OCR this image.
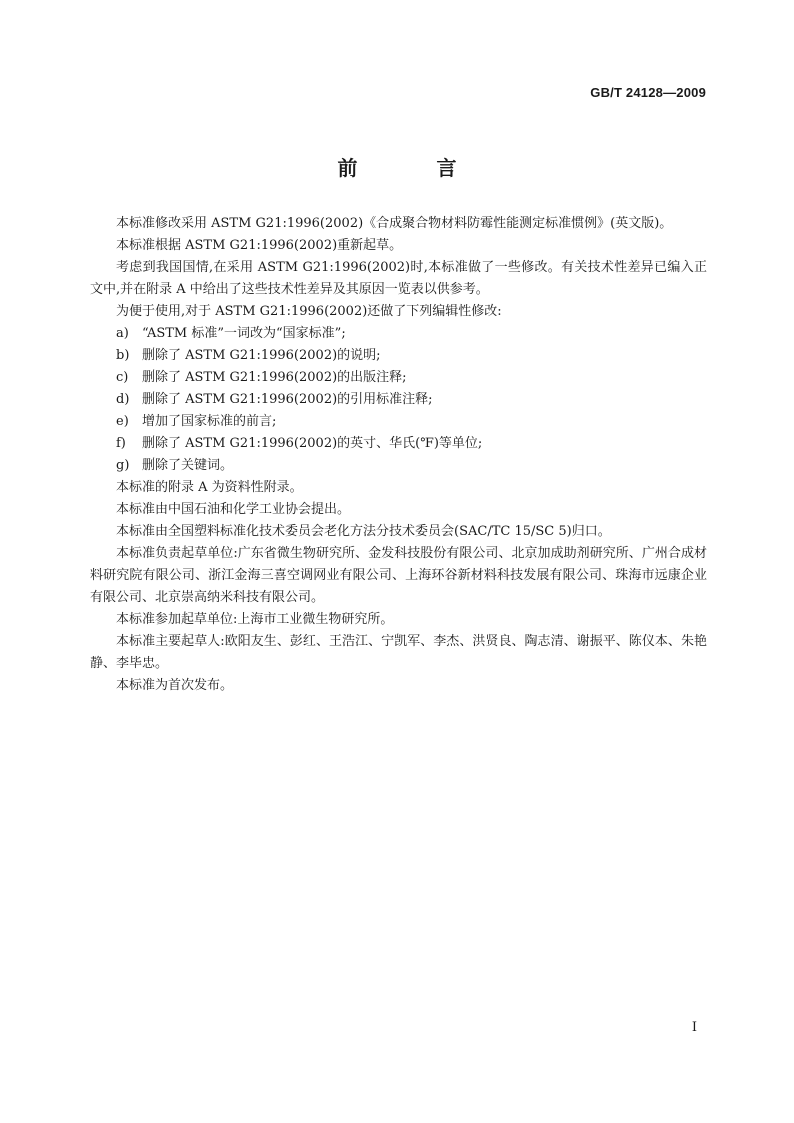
GB/T 24128—2009
前 言

本标准修改采用 ASTM G21:1996(2002)《合成聚合物材料防霉性能测定标准惯例》(英文版)。

本标准根据 ASTM G21:1996(2002)重新起草。

考虑到我国国情,在采用 ASTM G21:1996(2002)时,本标准做了一些修改。有关技术性差异已编入正文中,并在附录 A 中给出了这些技术性差异及其原因一览表以供参考。

为便于使用,对于 ASTM G21:1996(2002)还做了下列编辑性修改:

a) “ASTM 标准”一词改为“国家标准”;
b) 删除了 ASTM G21:1996(2002)的说明;
c) 删除了 ASTM G21:1996(2002)的出版注释;
d) 删除了 ASTM G21:1996(2002)的引用标准注释;
e) 增加了国家标准的前言;
f) 删除了 ASTM G21:1996(2002)的英寸、华氏(℉)等单位;
g) 删除了关键词。

本标准的附录 A 为资料性附录。

本标准由中国石油和化学工业协会提出。

本标准由全国塑料标准化技术委员会老化方法分技术委员会(SAC/TC 15/SC 5)归口。

本标准负责起草单位:广东省微生物研究所、金发科技股份有限公司、北京加成助剂研究所、广州合成材料研究院有限公司、浙江金海三喜空调网业有限公司、上海环谷新材料科技发展有限公司、珠海市远康企业有限公司、北京崇高纳米科技有限公司。

本标准参加起草单位:上海市工业微生物研究所。

本标准主要起草人:欧阳友生、彭红、王浩江、宁凯军、李杰、洪贤良、陶志清、谢振平、陈仪本、朱艳静、李毕忠。

本标准为首次发布。

I
